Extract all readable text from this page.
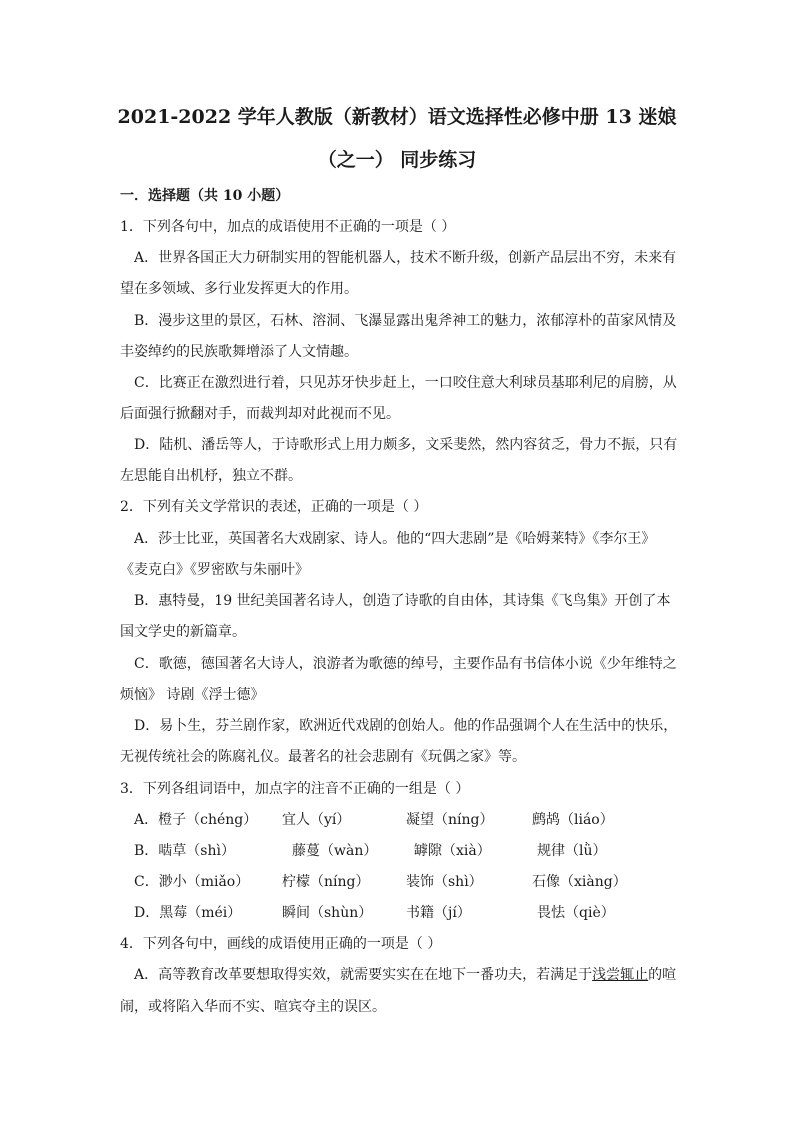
2021-2022 学年人教版（新教材）语文选择性必修中册 13 迷娘
（之一） 同步练习
一．选择题（共 10 小题）
1．下列各句中，加点的成语使用不正确的一项是（ ）
A．世界各国正大力研制实用的智能机器人，技术不断升级，创新产品层出不穷，未来有
望在多领域、多行业发挥更大的作用。
B．漫步这里的景区，石林、溶洞、飞瀑显露出鬼斧神工的魅力，浓郁淳朴的苗家风情及
丰姿绰约的民族歌舞增添了人文情趣。
C．比赛正在激烈进行着，只见苏牙快步赶上，一口咬住意大利球员基耶利尼的肩膀，从
后面强行掀翻对手，而裁判却对此视而不见。
D．陆机、潘岳等人，于诗歌形式上用力颇多，文采斐然，然内容贫乏，骨力不振，只有
左思能自出机杼，独立不群。
2．下列有关文学常识的表述，正确的一项是（ ）
A．莎士比亚，英国著名大戏剧家、诗人。他的“四大悲剧”是《哈姆莱特》《李尔王》
《麦克白》《罗密欧与朱丽叶》
B．惠特曼，19 世纪美国著名诗人，创造了诗歌的自由体，其诗集《飞鸟集》开创了本
国文学史的新篇章。
C．歌德，德国著名大诗人，浪游者为歌德的绰号，主要作品有书信体小说《少年维特之
烦恼》 诗剧《浮士德》
D．易卜生，芬兰剧作家，欧洲近代戏剧的创始人。他的作品强调个人在生活中的快乐，
无视传统社会的陈腐礼仪。最著名的社会悲剧有《玩偶之家》等。
3．下列各组词语中，加点字的注音不正确的一组是（ ）
A．橙子（chéng） 宜人（yí）	凝望（níng）	鹧鸪（liáo）
B．啮草（shì）	藤蔓（wàn）	罅隙（xià）	规律（lǜ）
C．渺小（miǎo） 柠檬（níng）	装饰（shì）	石像（xiàng）
D．黑莓（méi）	瞬间（shùn） 书籍（jí）	畏怯（qiè）
4．下列各句中，画线的成语使用正确的一项是（ ）
A．高等教育改革要想取得实效，就需要实实在在地下一番功夫，若满足于浅尝辄止的喧
闹，或将陷入华而不实、喧宾夺主的误区。
